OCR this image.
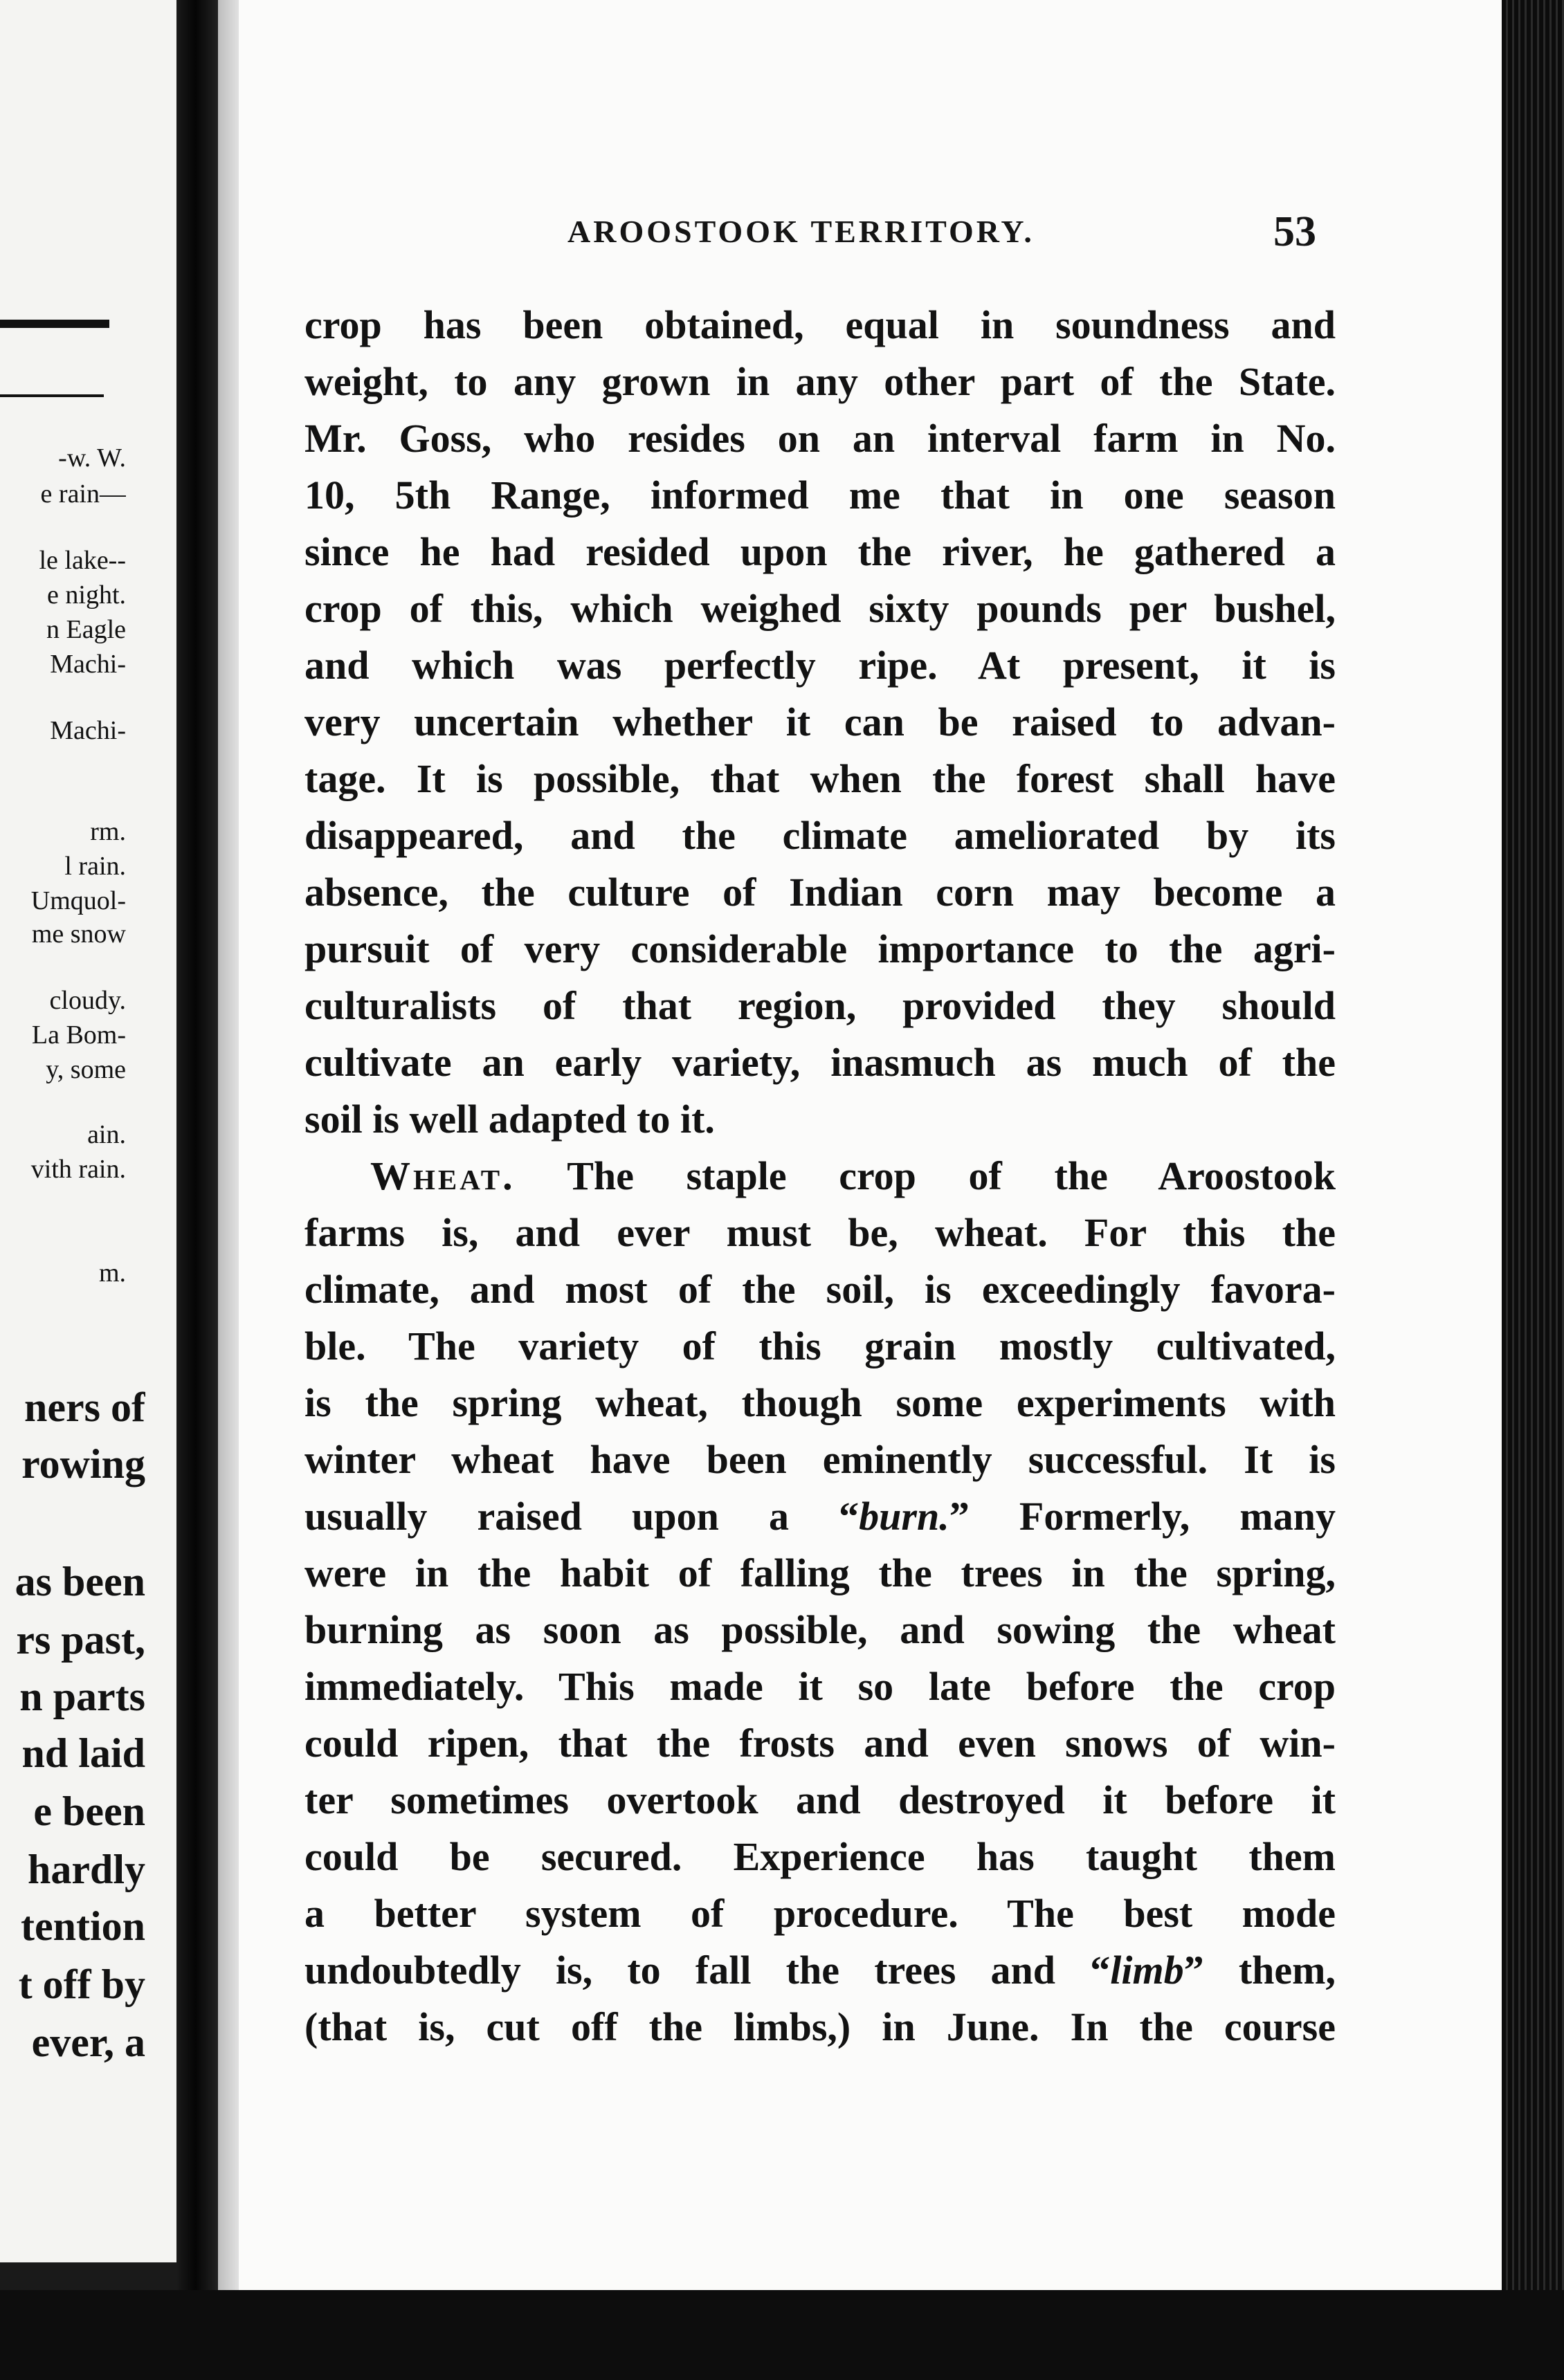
-w. W.
e rain—
le lake--
e night.
n Eagle
Machi-
Machi-
rm.
l rain.
Umquol-
me snow
cloudy.
La Bom-
y, some
ain.
vith rain.
m.
ners of
rowing
as been
rs past,
n parts
nd laid
e been
hardly
tention
t off by
ever, a
AROOSTOOK TERRITORY.	53
crop has been obtained, equal in soundness and
weight, to any grown in any other part of the State.
Mr. Goss, who resides on an interval farm in No.
10, 5th Range, informed me that in one season
since he had resided upon the river, he gathered a
crop of this, which weighed sixty pounds per bushel,
and which was perfectly ripe. At present, it is
very uncertain whether it can be raised to advan-
tage. It is possible, that when the forest shall have
disappeared, and the climate ameliorated by its
absence, the culture of Indian corn may become a
pursuit of very considerable importance to the agri-
culturalists of that region, provided they should
cultivate an early variety, inasmuch as much of the
soil is well adapted to it.
Wheat. The staple crop of the Aroostook
farms is, and ever must be, wheat. For this the
climate, and most of the soil, is exceedingly favora-
ble. The variety of this grain mostly cultivated,
is the spring wheat, though some experiments with
winter wheat have been eminently successful. It is
usually raised upon a “burn.” Formerly, many
were in the habit of falling the trees in the spring,
burning as soon as possible, and sowing the wheat
immediately. This made it so late before the crop
could ripen, that the frosts and even snows of win-
ter sometimes overtook and destroyed it before it
could be secured. Experience has taught them
a better system of procedure. The best mode
undoubtedly is, to fall the trees and “limb” them,
(that is, cut off the limbs,) in June. In the course
